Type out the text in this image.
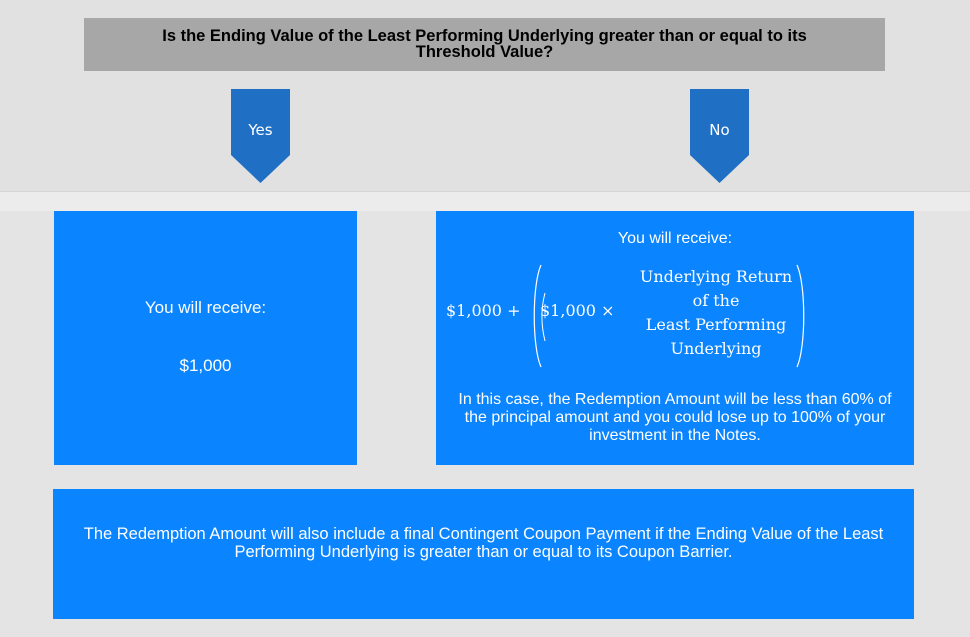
Is the Ending Value of the Least Performing Underlying greater than or equal to its Threshold Value?
Yes	No
You will receive:
$1,000
You will receive:
$1,000 + $1,000 ×
Underlying Return
of the
Least Performing
Underlying
In this case, the Redemption Amount will be less than 60% of the principal amount and you could lose up to 100% of your investment in the Notes.
The Redemption Amount will also include a final Contingent Coupon Payment if the Ending Value of the Least Performing Underlying is greater than or equal to its Coupon Barrier.
